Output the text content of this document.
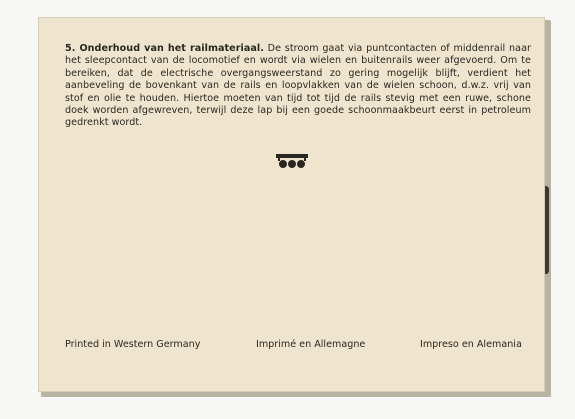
5. Onderhoud van het railmateriaal. De stroom gaat via puntcontacten of middenrail naar het sleepcontact van de locomotief en wordt via wielen en buitenrails weer afgevoerd. Om te bereiken, dat de electrische overgangsweerstand zo gering mogelijk blijft, verdient het aanbeveling de bovenkant van de rails en loopvlakken van de wielen schoon, d.w.z. vrij van stof en olie te houden. Hiertoe moeten van tijd tot tijd de rails stevig met een ruwe, schone doek worden afgewreven, terwijl deze lap bij een goede schoonmaakbeurt eerst in petroleum gedrenkt wordt.

Printed in Western Germany	Imprimé en Allemagne	Impreso en Alemania
